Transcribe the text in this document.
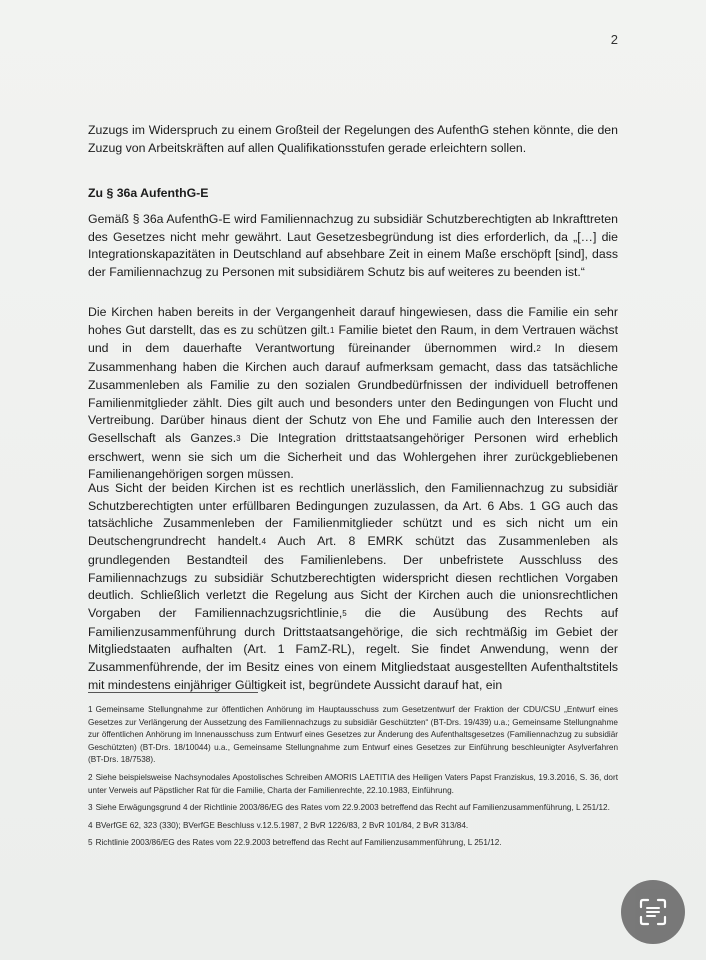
2

Zuzugs im Widerspruch zu einem Großteil der Regelungen des AufenthG stehen könnte, die den Zuzug von Arbeitskräften auf allen Qualifikationsstufen gerade erleichtern sollen.

Zu § 36a AufenthG-E

Gemäß § 36a AufenthG-E wird Familiennachzug zu subsidiär Schutzberechtigten ab Inkrafttreten des Gesetzes nicht mehr gewährt. Laut Gesetzesbegründung ist dies erforderlich, da „[…] die Integrationskapazitäten in Deutschland auf absehbare Zeit in einem Maße erschöpft [sind], dass der Familiennachzug zu Personen mit subsidiärem Schutz bis auf weiteres zu beenden ist.“

Die Kirchen haben bereits in der Vergangenheit darauf hingewiesen, dass die Familie ein sehr hohes Gut darstellt, das es zu schützen gilt.1 Familie bietet den Raum, in dem Vertrauen wächst und in dem dauerhafte Verantwortung füreinander übernommen wird.2 In diesem Zusammenhang haben die Kirchen auch darauf aufmerksam gemacht, dass das tatsächliche Zusammenleben als Familie zu den sozialen Grundbedürfnissen der individuell betroffenen Familienmitglieder zählt. Dies gilt auch und besonders unter den Bedingungen von Flucht und Vertreibung. Darüber hinaus dient der Schutz von Ehe und Familie auch den Interessen der Gesellschaft als Ganzes.3 Die Integration drittstaatsangehöriger Personen wird erheblich erschwert, wenn sie sich um die Sicherheit und das Wohlergehen ihrer zurückgebliebenen Familienangehörigen sorgen müssen.

Aus Sicht der beiden Kirchen ist es rechtlich unerlässlich, den Familiennachzug zu subsidiär Schutzberechtigten unter erfüllbaren Bedingungen zuzulassen, da Art. 6 Abs. 1 GG auch das tatsächliche Zusammenleben der Familienmitglieder schützt und es sich nicht um ein Deutschengrundrecht handelt.4 Auch Art. 8 EMRK schützt das Zusammenleben als grundlegenden Bestandteil des Familienlebens. Der unbefristete Ausschluss des Familiennachzugs zu subsidiär Schutzberechtigten widerspricht diesen rechtlichen Vorgaben deutlich. Schließlich verletzt die Regelung aus Sicht der Kirchen auch die unionsrechtlichen Vorgaben der Familiennachzugsrichtlinie,5 die die Ausübung des Rechts auf Familienzusammenführung durch Drittstaatsangehörige, die sich rechtmäßig im Gebiet der Mitgliedstaaten aufhalten (Art. 1 FamZ-RL), regelt. Sie findet Anwendung, wenn der Zusammenführende, der im Besitz eines von einem Mitgliedstaat ausgestellten Aufenthaltstitels mit mindestens einjähriger Gültigkeit ist, begründete Aussicht darauf hat, ein

1 Gemeinsame Stellungnahme zur öffentlichen Anhörung im Hauptausschuss zum Gesetzentwurf der Fraktion der CDU/CSU „Entwurf eines Gesetzes zur Verlängerung der Aussetzung des Familiennachzugs zu subsidiär Geschützten“ (BT-Drs. 19/439) u.a.; Gemeinsame Stellungnahme zur öffentlichen Anhörung im Innenausschuss zum Entwurf eines Gesetzes zur Änderung des Aufenthaltsgesetzes (Familiennachzug zu subsidiär Geschützten) (BT-Drs. 18/10044) u.a., Gemeinsame Stellungnahme zum Entwurf eines Gesetzes zur Einführung beschleunigter Asylverfahren (BT-Drs. 18/7538).

2 Siehe beispielsweise Nachsynodales Apostolisches Schreiben AMORIS LAETITIA des Heiligen Vaters Papst Franziskus, 19.3.2016, S. 36, dort unter Verweis auf Päpstlicher Rat für die Familie, Charta der Familienrechte, 22.10.1983, Einführung.

3 Siehe Erwägungsgrund 4 der Richtlinie 2003/86/EG des Rates vom 22.9.2003 betreffend das Recht auf Familienzusammenführung, L 251/12.

4 BVerfGE 62, 323 (330); BVerfGE Beschluss v.12.5.1987, 2 BvR 1226/83, 2 BvR 101/84, 2 BvR 313/84.

5 Richtlinie 2003/86/EG des Rates vom 22.9.2003 betreffend das Recht auf Familienzusammenführung, L 251/12.
